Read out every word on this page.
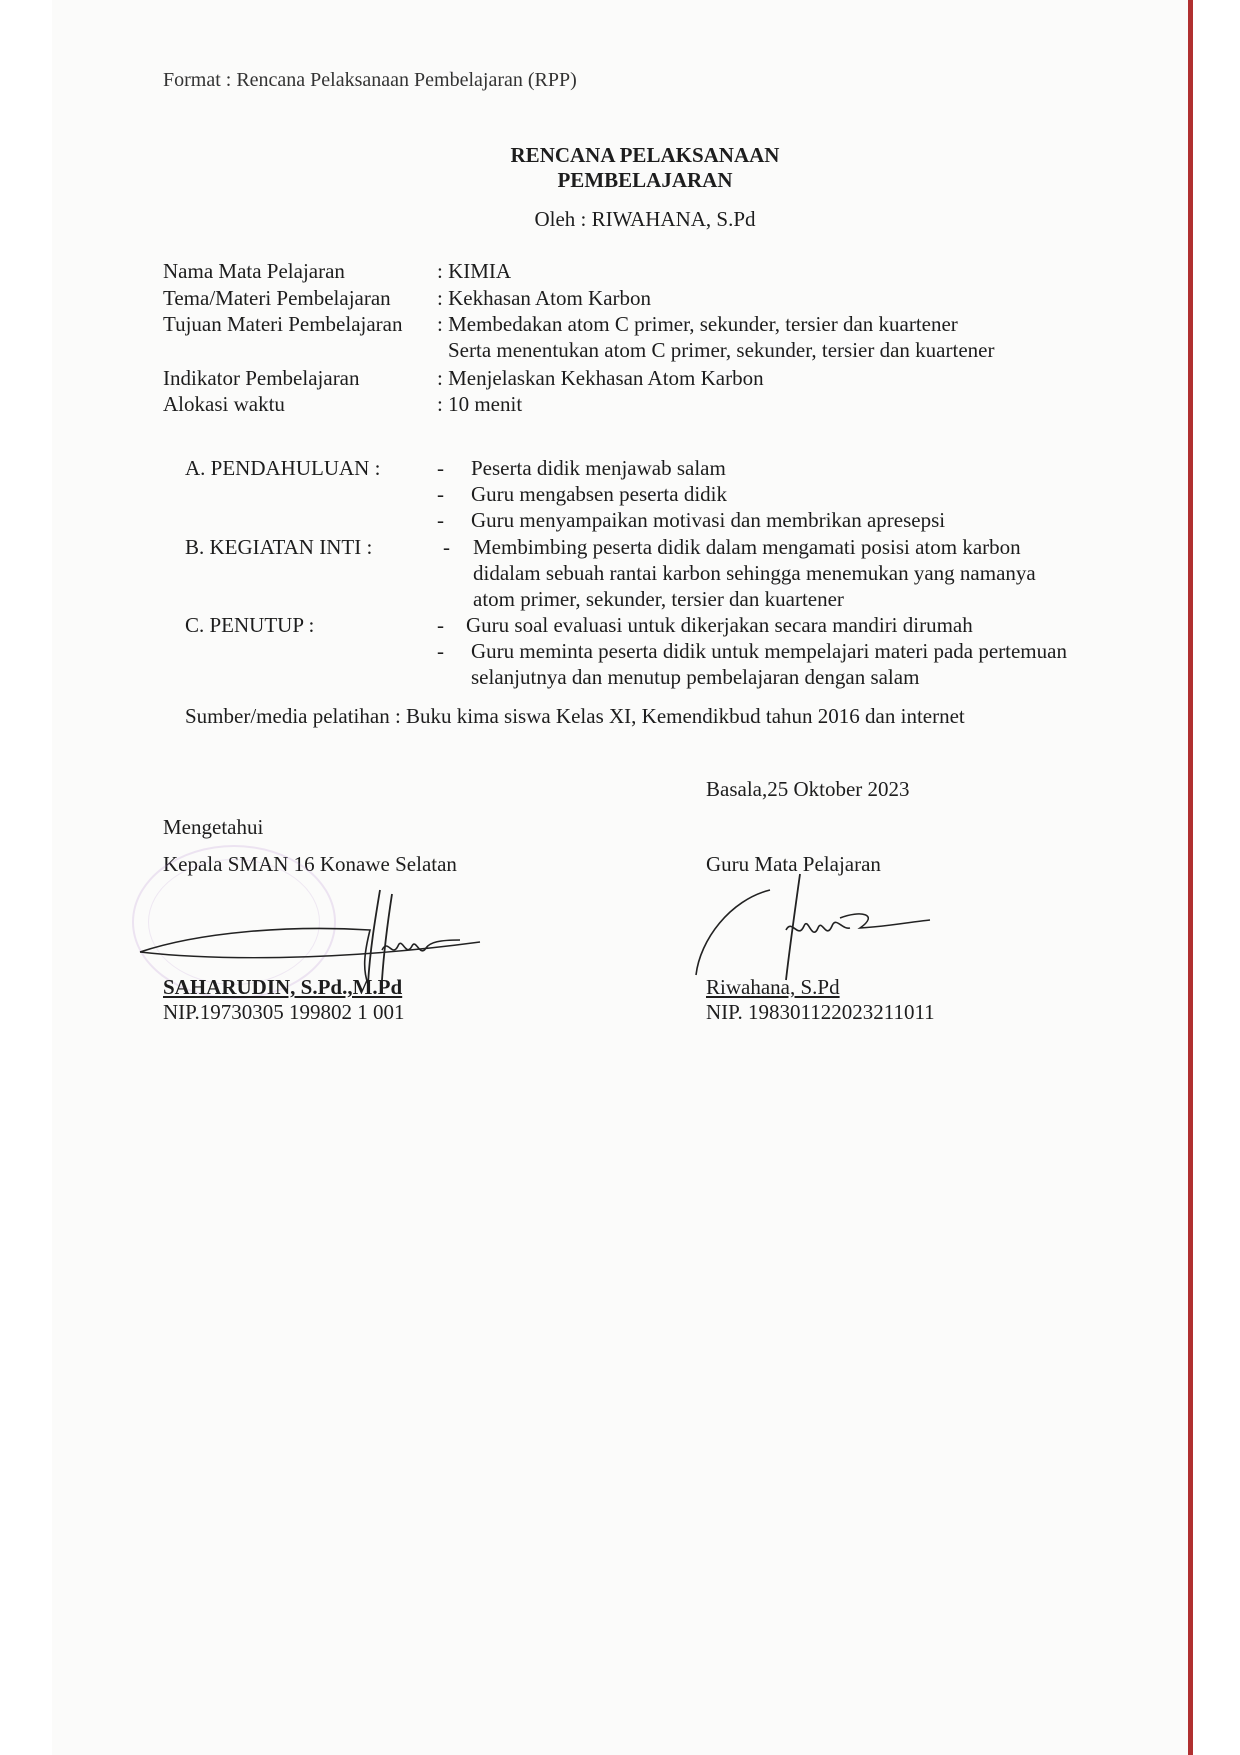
Format : Rencana Pelaksanaan Pembelajaran (RPP)
RENCANA PELAKSANAAN
PEMBELAJARAN
Oleh : RIWAHANA, S.Pd
Nama Mata Pelajaran	: KIMIA
Tema/Materi Pembelajaran : Kekhasan Atom Karbon
Tujuan Materi Pembelajaran : Membedakan atom C primer, sekunder, tersier dan kuartener
Serta menentukan atom C primer, sekunder, tersier dan kuartener
Indikator Pembelajaran	: Menjelaskan Kekhasan Atom Karbon
Alokasi waktu	: 10 menit
A. PENDAHULUAN :	- Peserta didik menjawab salam
- Guru mengabsen peserta didik
- Guru menyampaikan motivasi dan membrikan apresepsi
B. KEGIATAN INTI :	- Membimbing peserta didik dalam mengamati posisi atom karbon
didalam sebuah rantai karbon sehingga menemukan yang namanya
atom primer, sekunder, tersier dan kuartener
C. PENUTUP :	- Guru soal evaluasi untuk dikerjakan secara mandiri dirumah
- Guru meminta peserta didik untuk mempelajari materi pada pertemuan
selanjutnya dan menutup pembelajaran dengan salam
Sumber/media pelatihan : Buku kima siswa Kelas XI, Kemendikbud tahun 2016 dan internet
Basala,25 Oktober 2023
Mengetahui
Kepala SMAN 16 Konawe Selatan
SAHARUDIN, S.Pd.,M.Pd
NIP.19730305 199802 1 001
Guru Mata Pelajaran
Riwahana, S.Pd
NIP. 198301122023211011
